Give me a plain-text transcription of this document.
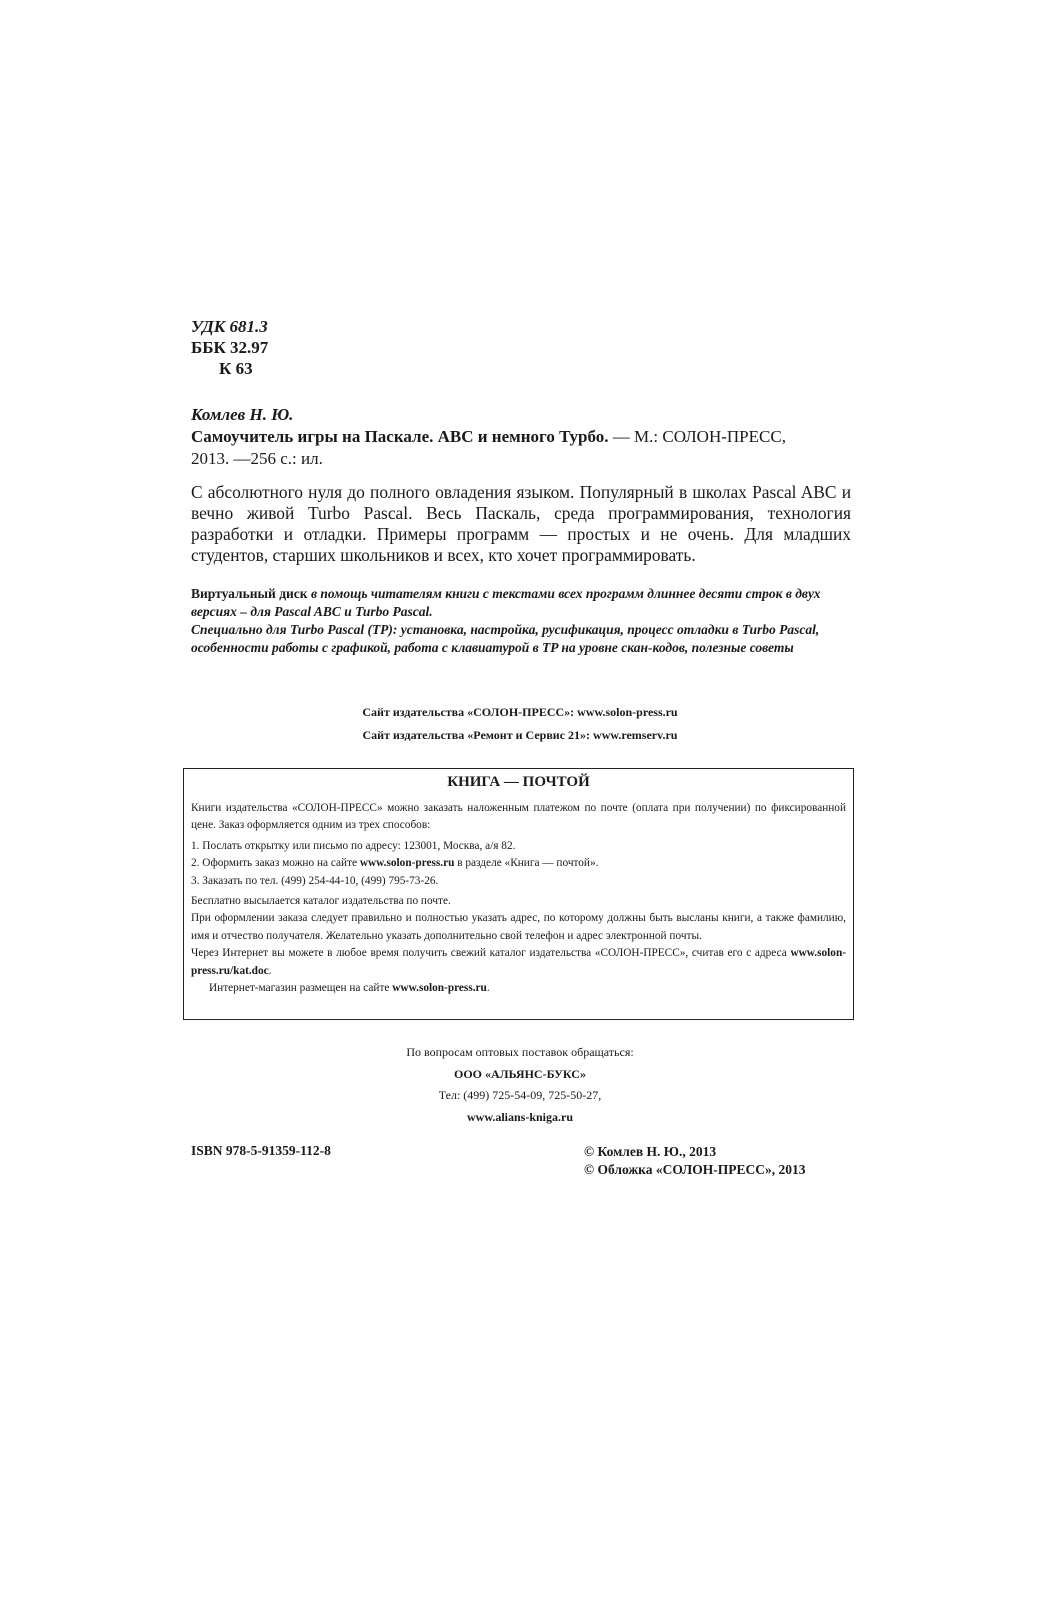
УДК 681.3
ББК 32.97
К 63
Комлев Н. Ю.
Самоучитель игры на Паскале. ABC и немного Турбо. — М.: СОЛОН-ПРЕСС,
2013. —256 с.: ил.
С абсолютного нуля до полного овладения языком. Популярный в школах Pascal ABC и вечно живой Turbo Pascal. Весь Паскаль, среда программирования, технология разработки и отладки. Примеры программ — простых и не очень. Для младших студентов, старших школьников и всех, кто хочет программировать.
Виртуальный диск в помощь читателям книги с текстами всех программ длиннее десяти строк в двух версиях – для Pascal ABC и Turbo Pascal.
Специально для Turbo Pascal (TP): установка, настройка, русификация, процесс отладки в Turbo Pascal, особенности работы с графикой, работа с клавиатурой в TP на уровне скан-кодов, полезные советы
Сайт издательства «СОЛОН-ПРЕСС»: www.solon-press.ru
Сайт издательства «Ремонт и Сервис 21»: www.remserv.ru
КНИГА — ПОЧТОЙ

Книги издательства «СОЛОН-ПРЕСС» можно заказать наложенным платежом по почте (оплата при получении) по фиксированной цене. Заказ оформляется одним из трех способов:

1. Послать открытку или письмо по адресу: 123001, Москва, а/я 82.

2. Оформить заказ можно на сайте www.solon-press.ru в разделе «Книга — почтой».

3. Заказать по тел. (499) 254-44-10, (499) 795-73-26.

Бесплатно высылается каталог издательства по почте.

При оформлении заказа следует правильно и полностью указать адрес, по которому должны быть высланы книги, а также фамилию, имя и отчество получателя. Желательно указать дополнительно свой телефон и адрес электронной почты.

Через Интернет вы можете в любое время получить свежий каталог издательства «СОЛОН-ПРЕСС», считав его с адреса www.solon-press.ru/kat.doc.

Интернет-магазин размещен на сайте www.solon-press.ru.

По вопросам оптовых поставок обращаться:
ООО «АЛЬЯНС-БУКС»
Тел: (499) 725-54-09, 725-50-27,
www.alians-kniga.ru
ISBN 978-5-91359-112-8	© Комлев Н. Ю., 2013
© Обложка «СОЛОН-ПРЕСС», 2013
